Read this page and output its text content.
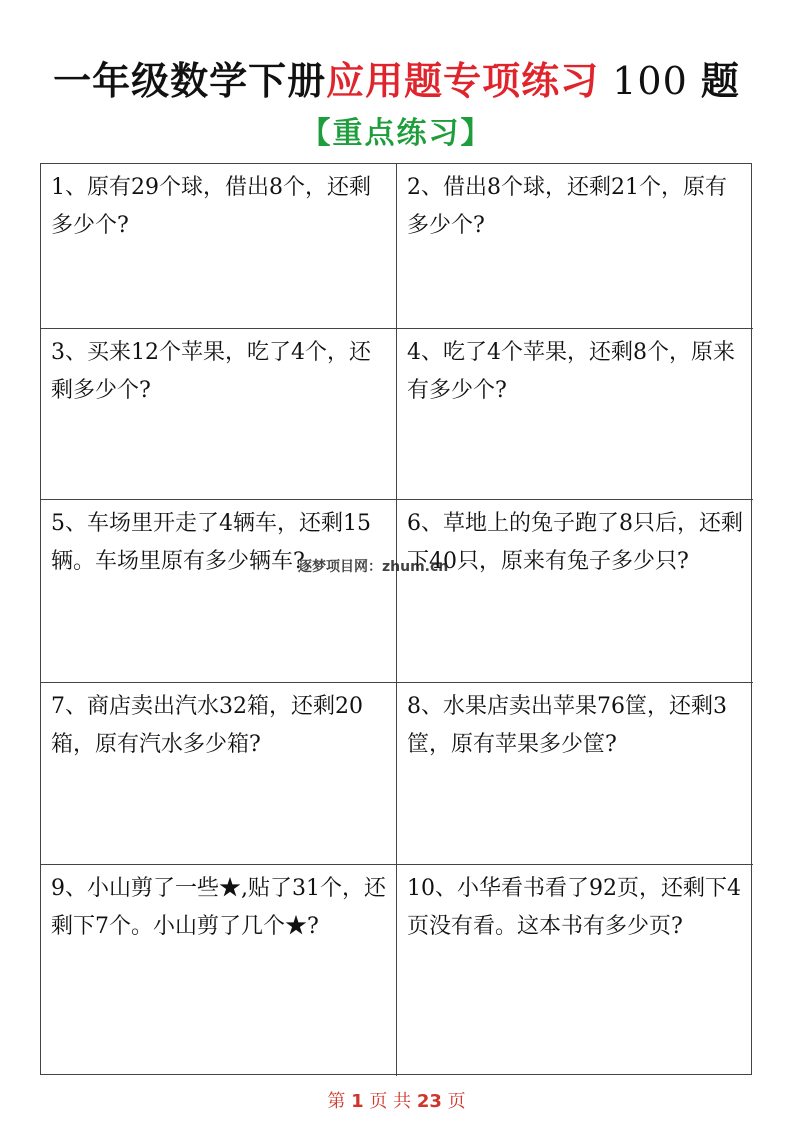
一年级数学下册应用题专项练习 100 题
【重点练习】
1、原有29个球，借出8个，还剩多少个?
2、借出8个球，还剩21个，原有多少个?
3、买来12个苹果，吃了4个，还剩多少个?
4、吃了4个苹果，还剩8个，原来有多少个?
5、车场里开走了4辆车，还剩15辆。车场里原有多少辆车?
6、草地上的兔子跑了8只后，还剩下40只，原来有兔子多少只?
7、商店卖出汽水32箱，还剩20箱，原有汽水多少箱?
8、水果店卖出苹果76筐，还剩3筐，原有苹果多少筐?
9、小山剪了一些★,贴了31个，还剩下7个。小山剪了几个★?
10、小华看书看了92页，还剩下4页没有看。这本书有多少页?
逐梦项目网：zhum.cn
第 1 页 共 23 页
